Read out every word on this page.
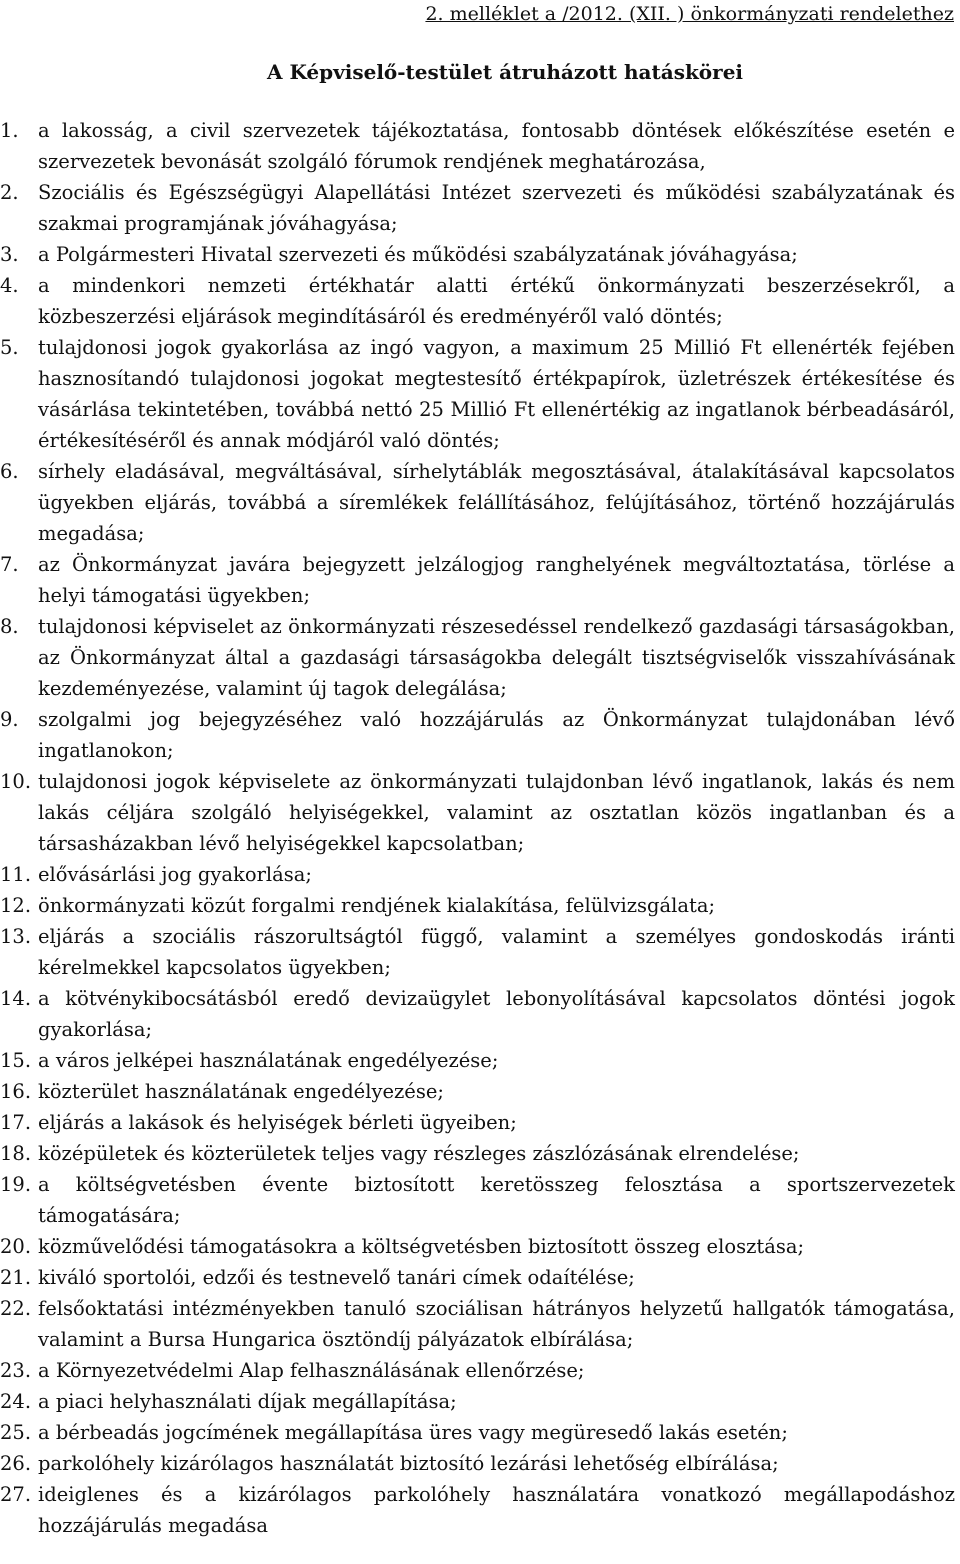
2. melléklet a /2012. (XII. ) önkormányzati rendelethez
A Képviselő-testület átruházott hatáskörei
1. a lakosság, a civil szervezetek tájékoztatása, fontosabb döntések előkészítése esetén e szervezetek bevonását szolgáló fórumok rendjének meghatározása,
2. Szociális és Egészségügyi Alapellátási Intézet szervezeti és működési szabályzatának és szakmai programjának jóváhagyása;
3. a Polgármesteri Hivatal szervezeti és működési szabályzatának jóváhagyása;
4. a mindenkori nemzeti értékhatár alatti értékű önkormányzati beszerzésekről, a közbeszerzési eljárások megindításáról és eredményéről való döntés;
5. tulajdonosi jogok gyakorlása az ingó vagyon, a maximum 25 Millió Ft ellenérték fejében hasznosítandó tulajdonosi jogokat megtestesítő értékpapírok, üzletrészek értékesítése és vásárlása tekintetében, továbbá nettó 25 Millió Ft ellenértékig az ingatlanok bérbeadásáról, értékesítéséről és annak módjáról való döntés;
6. sírhely eladásával, megváltásával, sírhelytáblák megosztásával, átalakításával kapcsolatos ügyekben eljárás, továbbá a síremlékek felállításához, felújításához, történő hozzájárulás megadása;
7. az Önkormányzat javára bejegyzett jelzálogjog ranghelyének megváltoztatása, törlése a helyi támogatási ügyekben;
8. tulajdonosi képviselet az önkormányzati részesedéssel rendelkező gazdasági társaságokban, az Önkormányzat által a gazdasági társaságokba delegált tisztségviselők visszahívásának kezdeményezése, valamint új tagok delegálása;
9. szolgalmi jog bejegyzéséhez való hozzájárulás az Önkormányzat tulajdonában lévő ingatlanokon;
10. tulajdonosi jogok képviselete az önkormányzati tulajdonban lévő ingatlanok, lakás és nem lakás céljára szolgáló helyiségekkel, valamint az osztatlan közös ingatlanban és a társasházakban lévő helyiségekkel kapcsolatban;
11. elővásárlási jog gyakorlása;
12. önkormányzati közút forgalmi rendjének kialakítása, felülvizsgálata;
13. eljárás a szociális rászorultságtól függő, valamint a személyes gondoskodás iránti kérelmekkel kapcsolatos ügyekben;
14. a kötvénykibocsátásból eredő devizaügylet lebonyolításával kapcsolatos döntési jogok gyakorlása;
15. a város jelképei használatának engedélyezése;
16. közterület használatának engedélyezése;
17. eljárás a lakások és helyiségek bérleti ügyeiben;
18. középületek és közterületek teljes vagy részleges zászlózásának elrendelése;
19. a költségvetésben évente biztosított keretösszeg felosztása a sportszervezetek támogatására;
20. közművelődési támogatásokra a költségvetésben biztosított összeg elosztása;
21. kiváló sportolói, edzői és testnevelő tanári címek odaítélése;
22. felsőoktatási intézményekben tanuló szociálisan hátrányos helyzetű hallgatók támogatása, valamint a Bursa Hungarica ösztöndíj pályázatok elbírálása;
23. a Környezetvédelmi Alap felhasználásának ellenőrzése;
24. a piaci helyhasználati díjak megállapítása;
25. a bérbeadás jogcímének megállapítása üres vagy megüresedő lakás esetén;
26. parkolóhely kizárólagos használatát biztosító lezárási lehetőség elbírálása;
27. ideiglenes és a kizárólagos parkolóhely használatára vonatkozó megállapodáshoz hozzájárulás megadása
